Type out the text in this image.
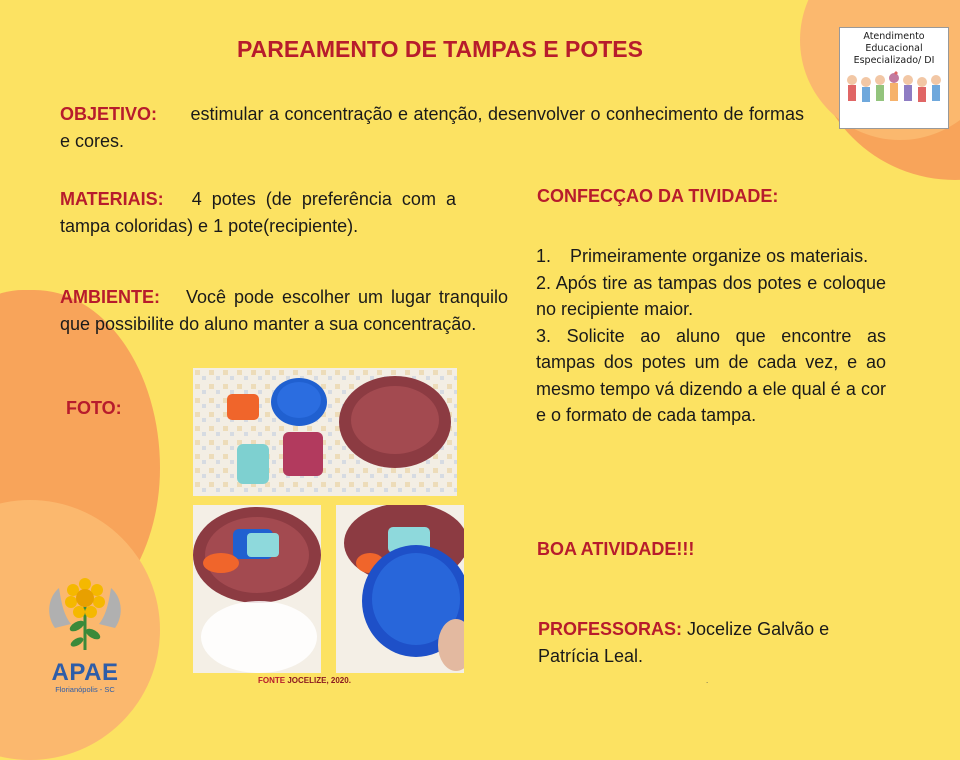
PAREAMENTO DE TAMPAS E POTES
OBJETIVO: estimular a concentração e atenção, desenvolver o conhecimento de formas e cores.
MATERIAIS: 4 potes (de preferência com a tampa coloridas) e 1 pote(recipiente).
AMBIENTE: Você pode escolher um lugar tranquilo que possibilite do aluno manter a sua concentração.
FOTO:
FONTE JOCELIZE, 2020.
CONFECÇAO DA TIVIDADE:
1.	Primeiramente organize os materiais.
2. Após tire as tampas dos potes e coloque no recipiente maior.
3. Solicite ao aluno que encontre as tampas dos potes um de cada vez, e ao mesmo tempo vá dizendo a ele qual é a cor e o formato de cada tampa.
BOA ATIVIDADE!!!
PROFESSORAS: Jocelize Galvão e Patrícia Leal.
.
Atendimento
Educacional
Especializado/ DI
APAE
Florianópolis - SC
